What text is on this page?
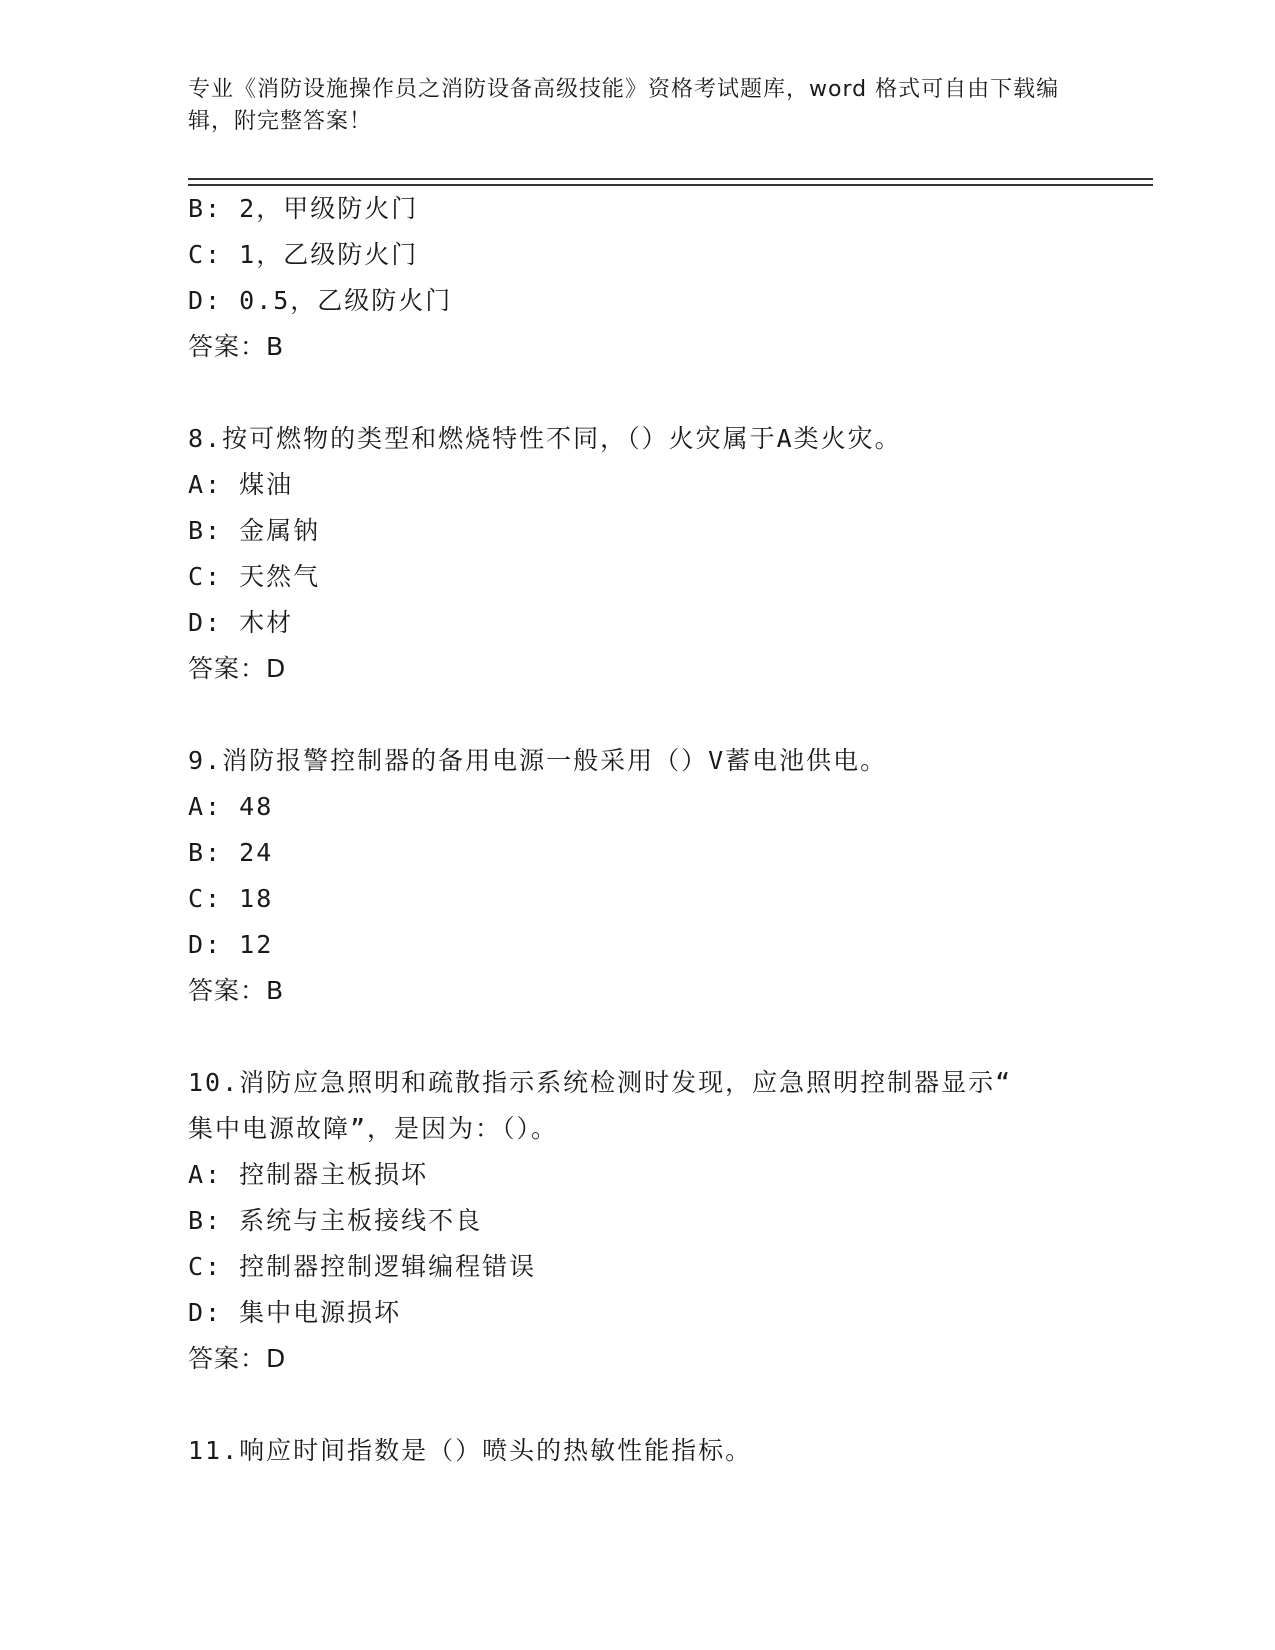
专业《消防设施操作员之消防设备高级技能》资格考试题库，word 格式可自由下载编辑，附完整答案！
B: 2，甲级防火门
C: 1，乙级防火门
D: 0.5，乙级防火门
答案：B
8.按可燃物的类型和燃烧特性不同，（）火灾属于A类火灾。
A: 煤油
B: 金属钠
C: 天然气
D: 木材
答案：D
9.消防报警控制器的备用电源一般采用（）V蓄电池供电。
A: 48
B: 24
C: 18
D: 12
答案：B
10.消防应急照明和疏散指示系统检测时发现，应急照明控制器显示“
集中电源故障”，是因为：（）。
A: 控制器主板损坏
B: 系统与主板接线不良
C: 控制器控制逻辑编程错误
D: 集中电源损坏
答案：D
11.响应时间指数是（）喷头的热敏性能指标。
